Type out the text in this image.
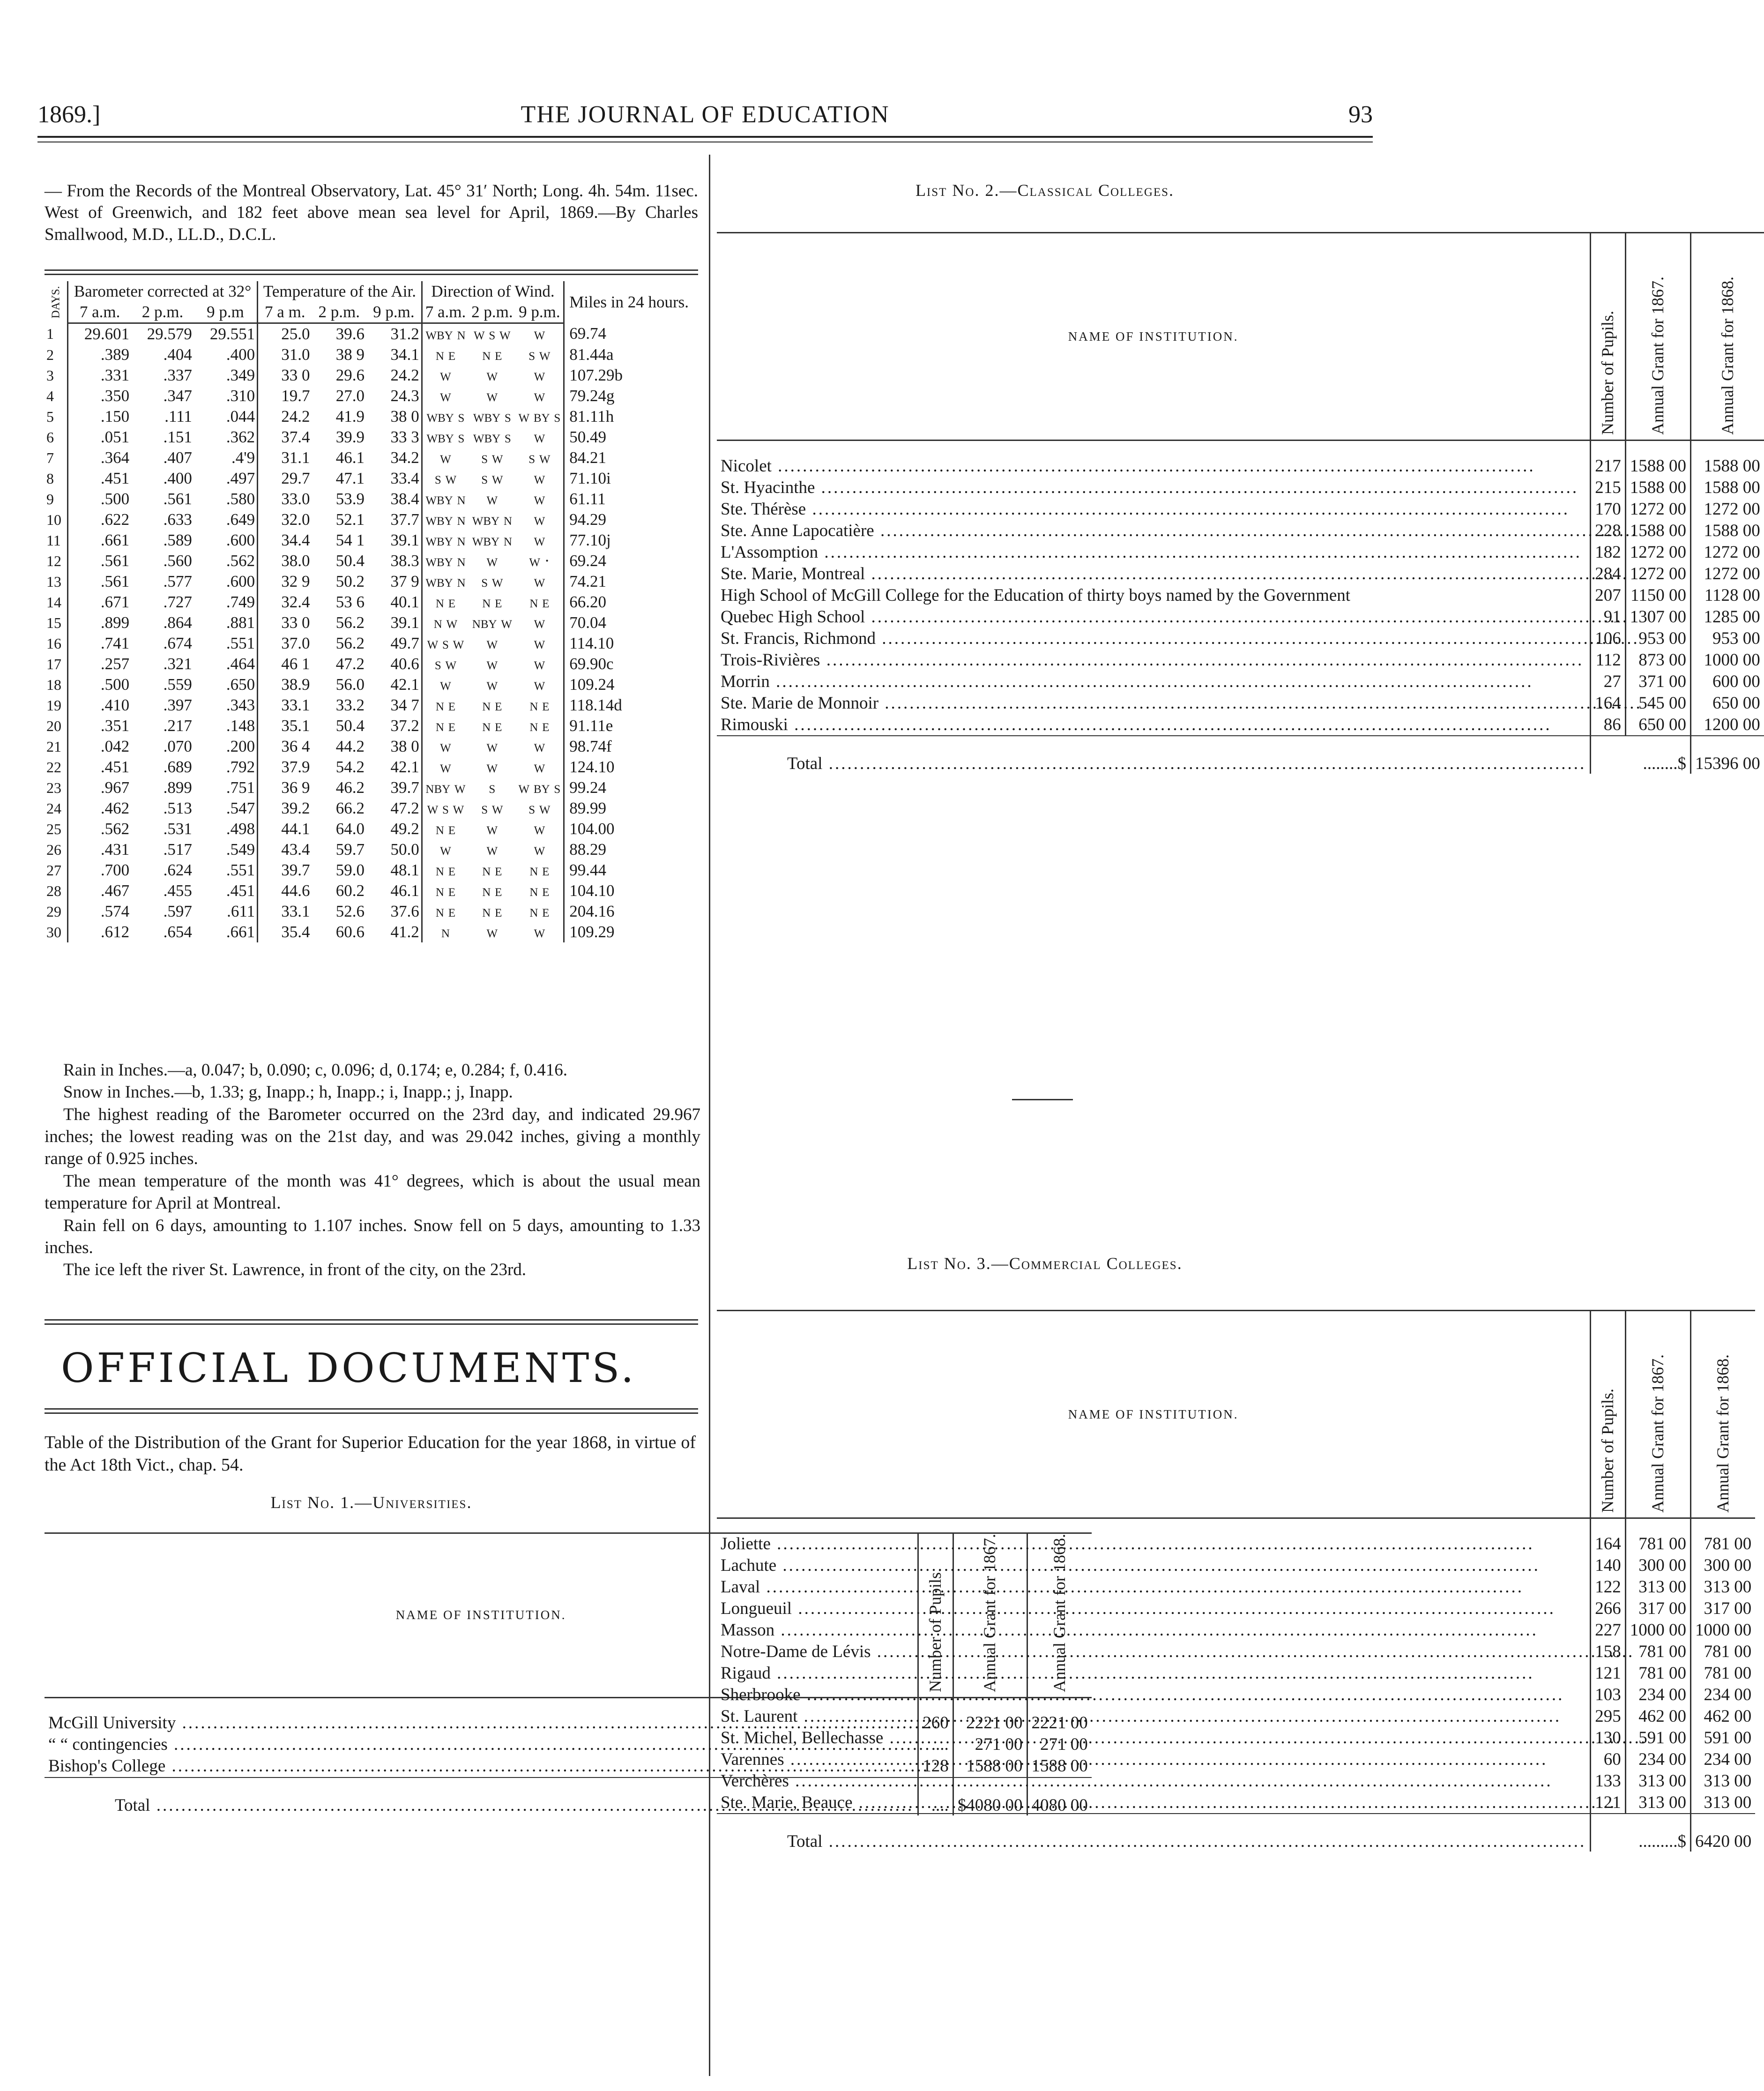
1869.]	THE JOURNAL OF EDUCATION	93
— From the Records of the Montreal Observatory, Lat. 45° 31′ North; Long. 4h. 54m. 11sec. West of Greenwich, and 182 feet above mean sea level for April, 1869.—By Charles Smallwood, M.D., LL.D., D.C.L.
DAYS.	Barometer corrected at 32°			Temperature of the Air.			Direction of Wind.			Miles in 24 hours.
	7 a.m.	2 p.m.	9 p.m	7 a m.	2 p.m.	9 p.m.	7 a.m.	2 p.m.	9 p.m.	
1	29.601	29.579	29.551	25.0	39.6	31.2	wby n	w s w	w	69.74
2	.389	.404	.400	31.0	38 9	34.1	n e	n e	s w	81.44a
3	.331	.337	.349	33 0	29.6	24.2	w	w	w	107.29b
4	.350	.347	.310	19.7	27.0	24.3	w	w	w	79.24g
5	.150	.111	.044	24.2	41.9	38 0	wby s	wby s	w by s	81.11h
6	.051	.151	.362	37.4	39.9	33 3	wby s	wby s	w	50.49
7	.364	.407	.4'9	31.1	46.1	34.2	w	s w	s w	84.21
8	.451	.400	.497	29.7	47.1	33.4	s w	s w	w	71.10i
9	.500	.561	.580	33.0	53.9	38.4	wby n	w	w	61.11
10	.622	.633	.649	32.0	52.1	37.7	wby n	wby n	w	94.29
11	.661	.589	.600	34.4	54 1	39.1	wby n	wby n	w	77.10j
12	.561	.560	.562	38.0	50.4	38.3	wby n	w	w ·	69.24
13	.561	.577	.600	32 9	50.2	37 9	wby n	s w	w	74.21
14	.671	.727	.749	32.4	53 6	40.1	n e	n e	n e	66.20
15	.899	.864	.881	33 0	56.2	39.1	n w	nby w	w	70.04
16	.741	.674	.551	37.0	56.2	49.7	w s w	w	w	114.10
17	.257	.321	.464	46 1	47.2	40.6	s w	w	w	69.90c
18	.500	.559	.650	38.9	56.0	42.1	w	w	w	109.24
19	.410	.397	.343	33.1	33.2	34 7	n e	n e	n e	118.14d
20	.351	.217	.148	35.1	50.4	37.2	n e	n e	n e	91.11e
21	.042	.070	.200	36 4	44.2	38 0	w	w	w	98.74f
22	.451	.689	.792	37.9	54.2	42.1	w	w	w	124.10
23	.967	.899	.751	36 9	46.2	39.7	nby w	s	w by s	99.24
24	.462	.513	.547	39.2	66.2	47.2	w s w	s w	s w	89.99
25	.562	.531	.498	44.1	64.0	49.2	n e	w	w	104.00
26	.431	.517	.549	43.4	59.7	50.0	w	w	w	88.29
27	.700	.624	.551	39.7	59.0	48.1	n e	n e	n e	99.44
28	.467	.455	.451	44.6	60.2	46.1	n e	n e	n e	104.10
29	.574	.597	.611	33.1	52.6	37.6	n e	n e	n e	204.16
30	.612	.654	.661	35.4	60.6	41.2	n	w	w	109.29

Rain in Inches.—a, 0.047; b, 0.090; c, 0.096; d, 0.174; e, 0.284; f, 0.416.

Snow in Inches.—b, 1.33; g, Inapp.; h, Inapp.; i, Inapp.; j, Inapp.

The highest reading of the Barometer occurred on the 23rd day, and indicated 29.967 inches; the lowest reading was on the 21st day, and was 29.042 inches, giving a monthly range of 0.925 inches.

The mean temperature of the month was 41° degrees, which is about the usual mean temperature for April at Montreal.

Rain fell on 6 days, amounting to 1.107 inches. Snow fell on 5 days, amounting to 1.33 inches.

The ice left the river St. Lawrence, in front of the city, on the 23rd.

OFFICIAL DOCUMENTS.
Table of the Distribution of the Grant for Superior Education for the year 1868, in virtue of the Act 18th Vict., chap. 54.
List No. 1.—Universities.
NAME OF INSTITUTION.	Number of Pupils.	Annual Grant for 1867.	Annual Grant for 1868.

McGill University .....	260	2221 00	2221 00
“ “ contingencies .....	....	271 00	271 00
Bishop's College .....	128	1588 00	1588 00
Total .....	....	$4080 00	4080 00
List No. 2.—Classical Colleges.
NAME OF INSTITUTION.	Number of Pupils.	Annual Grant for 1867.	Annual Grant for 1868.

Nicolet .....	217	1588 00	1588 00
St. Hyacinthe .....	215	1588 00	1588 00
Ste. Thérèse .....	170	1272 00	1272 00
Ste. Anne Lapocatière .....	228	1588 00	1588 00
L'Assomption .....	182	1272 00	1272 00
Ste. Marie, Montreal .....	284	1272 00	1272 00
High School of McGill College for the Education of thirty boys named by the Government	207	1150 00	1128 00
Quebec High School .....	91	1307 00	1285 00
St. Francis, Richmond .....	106	953 00	953 00
Trois-Rivières .....	112	873 00	1000 00
Morrin .....	27	371 00	600 00
Ste. Marie de Monnoir .....	164	545 00	650 00
Rimouski .....	86	650 00	1200 00
Total .....	........$		15396 00
List No. 3.—Commercial Colleges.
NAME OF INSTITUTION.	Number of Pupils.	Annual Grant for 1867.	Annual Grant for 1868.

Joliette .....	164	781 00	781 00
Lachute .....	140	300 00	300 00
Laval .....	122	313 00	313 00
Longueuil .....	266	317 00	317 00
Masson .....	227	1000 00	1000 00
Notre-Dame de Lévis .....	158	781 00	781 00
Rigaud .....	121	781 00	781 00
Sherbrooke .....	103	234 00	234 00
St. Laurent .....	295	462 00	462 00
St. Michel, Bellechasse .....	130	591 00	591 00
Varennes .....	60	234 00	234 00
Verchères .....	133	313 00	313 00
Ste. Marie, Beauce .....	121	313 00	313 00
Total .....	.........$		6420 00
